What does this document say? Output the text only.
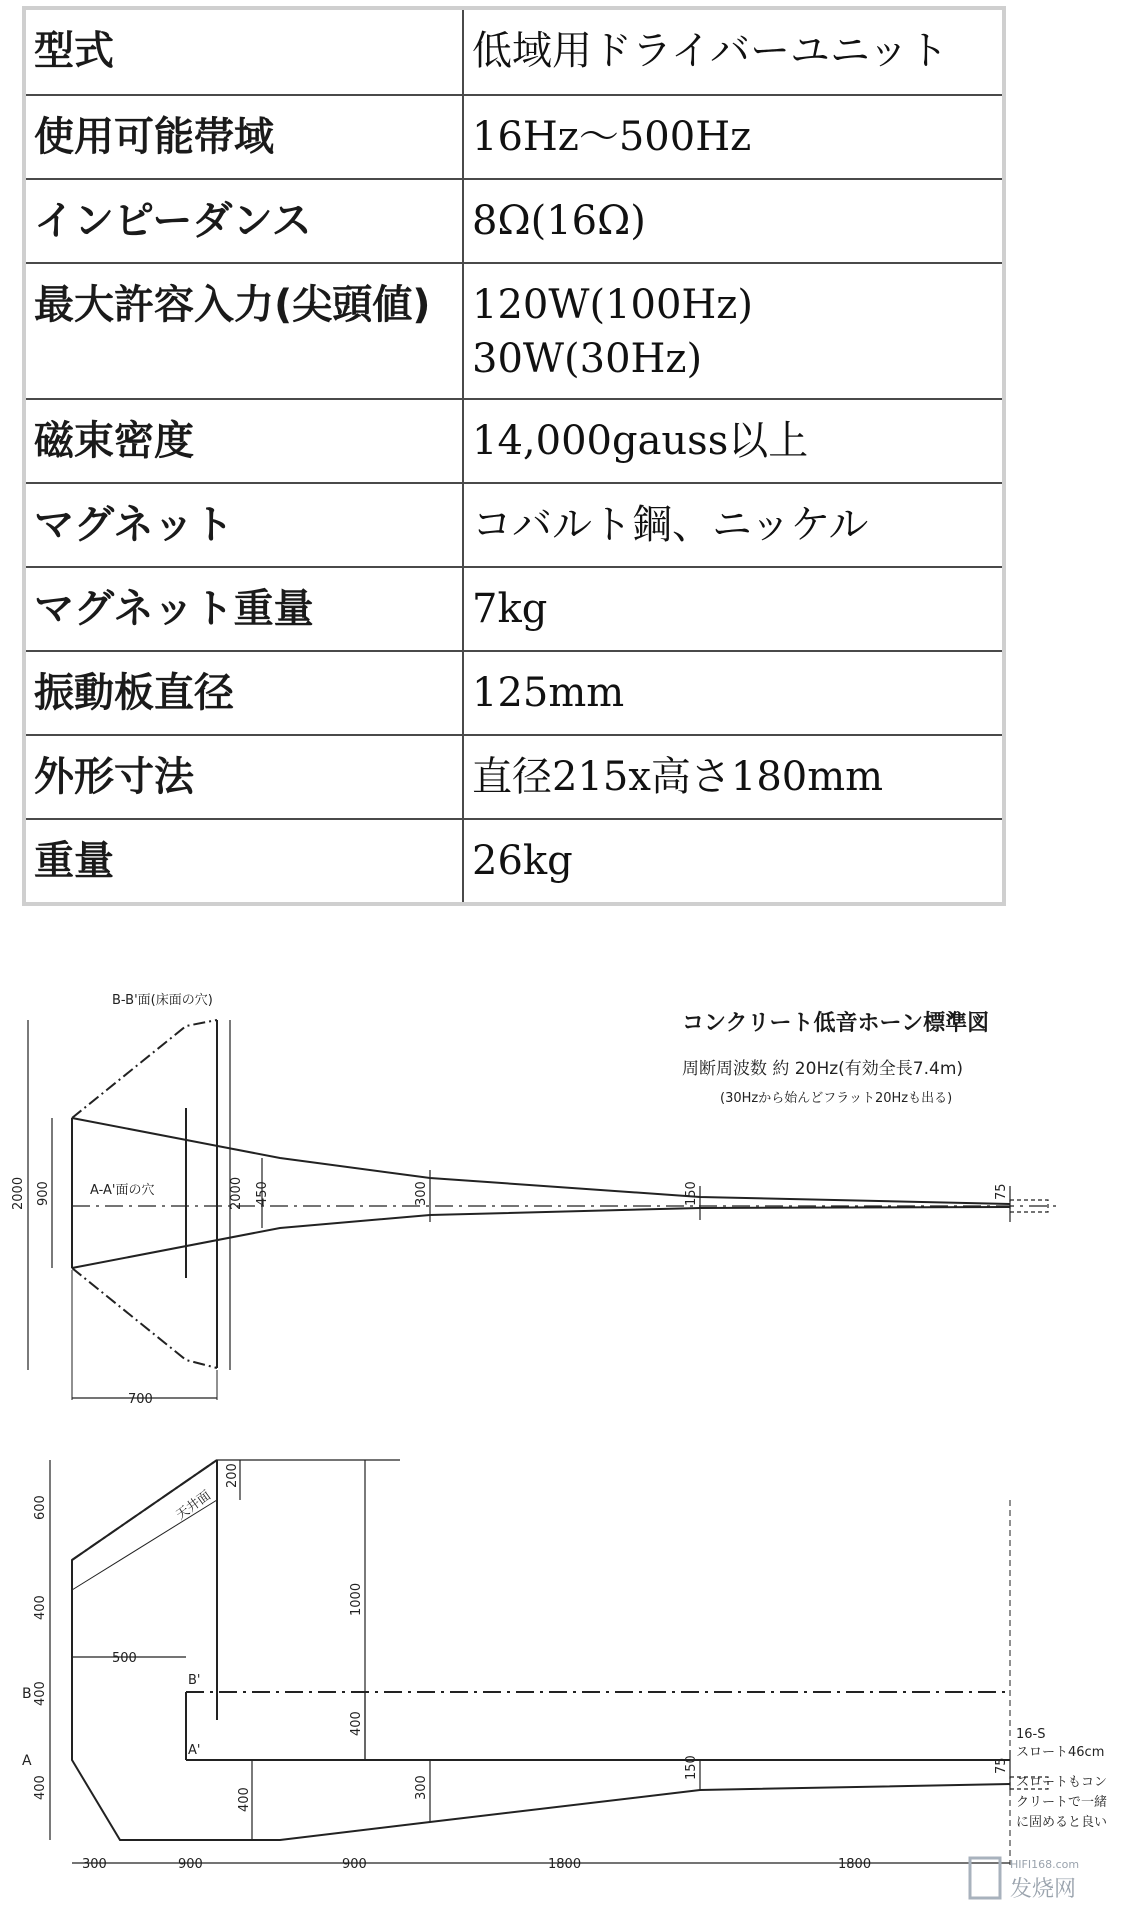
型式	低域用ドライバーユニット

使用可能帯域	16Hz～500Hz

インピーダンス	8Ω(16Ω)

最大許容入力(尖頭値)	120W(100Hz)
30W(30Hz)

磁束密度	14,000gauss以上

マグネット	コバルト鋼、ニッケル

マグネット重量	7kg

振動板直径	125mm

外形寸法	直径215x高さ180mm

重量	26kg
コンクリート低音ホーン標準図
周断周波数 約 20Hz(有効全長7.4m)
(30Hzから始んどフラット20Hzも出る)
B-B'面(床面の穴)
A-A'面の穴
2000 900	2000 450	300	150	75
700
天井面
600
400
400
400
500
200
1000
400
400	300
150	75
B
A
B'
A'
16-S
スロート46cm
スロートもコン
クリートで一緒
に固めると良い
300	900	900	1800	1800	HIFI168.com
发烧网
